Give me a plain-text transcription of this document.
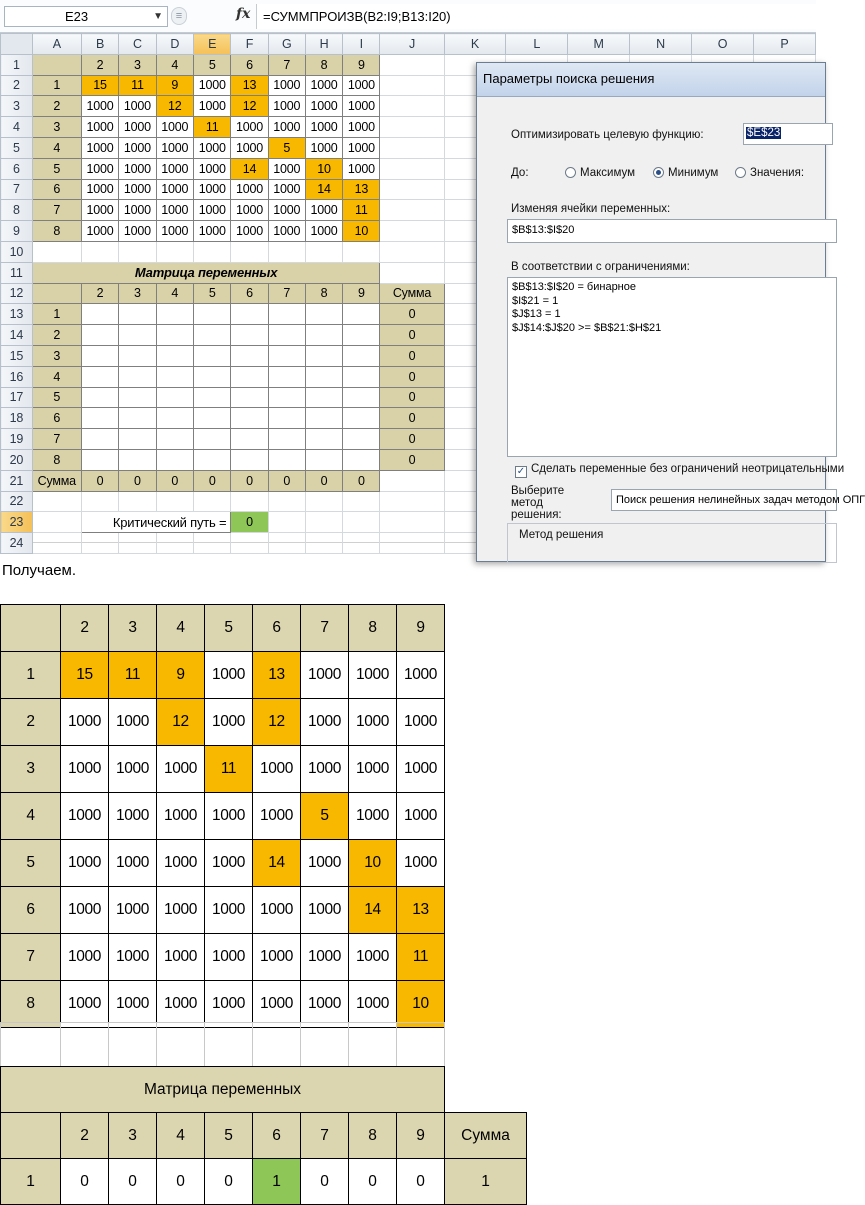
E23	▼	≡	fx =СУММПРОИЗВ(B2:I9;B13:I20)
	A	B	C	D	E	F	G	H	I	J	K	L	M	N	O	P
1		2	3	4	5	6	7	8	9							
2	1	15	11	9	1000	13	1000	1000	1000							
3	2	1000	1000	12	1000	12	1000	1000	1000							
4	3	1000	1000	1000	11	1000	1000	1000	1000							
5	4	1000	1000	1000	1000	1000	5	1000	1000							
6	5	1000	1000	1000	1000	14	1000	10	1000							
7	6	1000	1000	1000	1000	1000	1000	14	13							
8	7	1000	1000	1000	1000	1000	1000	1000	11							
9	8	1000	1000	1000	1000	1000	1000	1000	10							
10																
11	Матрица переменных															
12		2	3	4	5	6	7	8	9	Сумма						
13	1									0						
14	2									0						
15	3									0						
16	4									0						
17	5									0						
18	6									0						
19	7									0						
20	8									0						
21	Сумма	0	0	0	0	0	0	0	0							
22																
23		Критический путь =				0										
24																
Параметры поиска решения
Оптимизировать целевую функцию:	$E$23
До:	Максимум	Минимум	Значения:
Изменяя ячейки переменных:
$B$13:$I$20
В соответствии с ограничениями:
$B$13:$I$20 = бинарное
$I$21 = 1
$J$13 = 1
$J$14:$J$20 >= $B$21:$H$21
✓ Сделать переменные без ограничений неотрицательными
Выберите метод решения:
Поиск решения нелинейных задач методом ОПГ
Метод решения
Получаем.
	2	3	4	5	6	7	8	9	
1	15	11	9	1000	13	1000	1000	1000	
2	1000	1000	12	1000	12	1000	1000	1000	
3	1000	1000	1000	11	1000	1000	1000	1000	
4	1000	1000	1000	1000	1000	5	1000	1000	
5	1000	1000	1000	1000	14	1000	10	1000	
6	1000	1000	1000	1000	1000	1000	14	13	
7	1000	1000	1000	1000	1000	1000	1000	11	
8	1000	1000	1000	1000	1000	1000	1000	10	

Матрица переменных									
	2	3	4	5	6	7	8	9	Сумма
1	0	0	0	0	1	0	0	0	1
